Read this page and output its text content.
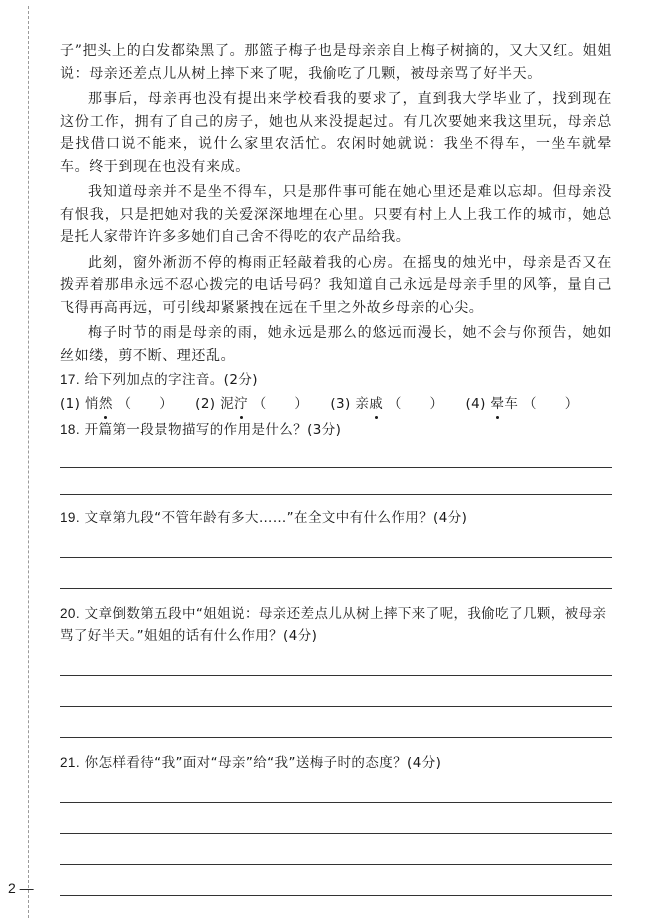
子”把头上的白发都染黑了。那篮子梅子也是母亲亲自上梅子树摘的，又大又红。姐姐说：母亲还差点儿从树上摔下来了呢，我偷吃了几颗，被母亲骂了好半天。

那事后，母亲再也没有提出来学校看我的要求了，直到我大学毕业了，找到现在这份工作，拥有了自己的房子，她也从来没提起过。有几次要她来我这里玩，母亲总是找借口说不能来，说什么家里农活忙。农闲时她就说：我坐不得车，一坐车就晕车。终于到现在也没有来成。

我知道母亲并不是坐不得车，只是那件事可能在她心里还是难以忘却。但母亲没有恨我，只是把她对我的关爱深深地埋在心里。只要有村上人上我工作的城市，她总是托人家带许许多多她们自己舍不得吃的农产品给我。

此刻，窗外淅沥不停的梅雨正轻敲着我的心房。在摇曳的烛光中，母亲是否又在拨弄着那串永远不忍心拨完的电话号码？我知道自己永远是母亲手里的风筝，量自己飞得再高再远，可引线却紧紧拽在远在千里之外故乡母亲的心尖。

梅子时节的雨是母亲的雨，她永远是那么的悠远而漫长，她不会与你预告，她如丝如缕，剪不断、理还乱。

17. 给下列加点的字注音。(2分)
(1) 悄然 （　　） (2) 泥泞 （　　） (3) 亲戚 （　　） (4) 晕车 （　　）
18. 开篇第一段景物描写的作用是什么？(3分)
19. 文章第九段“不管年龄有多大……”在全文中有什么作用？(4分)
20. 文章倒数第五段中“姐姐说：母亲还差点儿从树上摔下来了呢，我偷吃了几颗，被母亲骂了好半天。”姐姐的话有什么作用？(4分)
21. 你怎样看待“我”面对“母亲”给“我”送梅子时的态度？(4分)
2 —
